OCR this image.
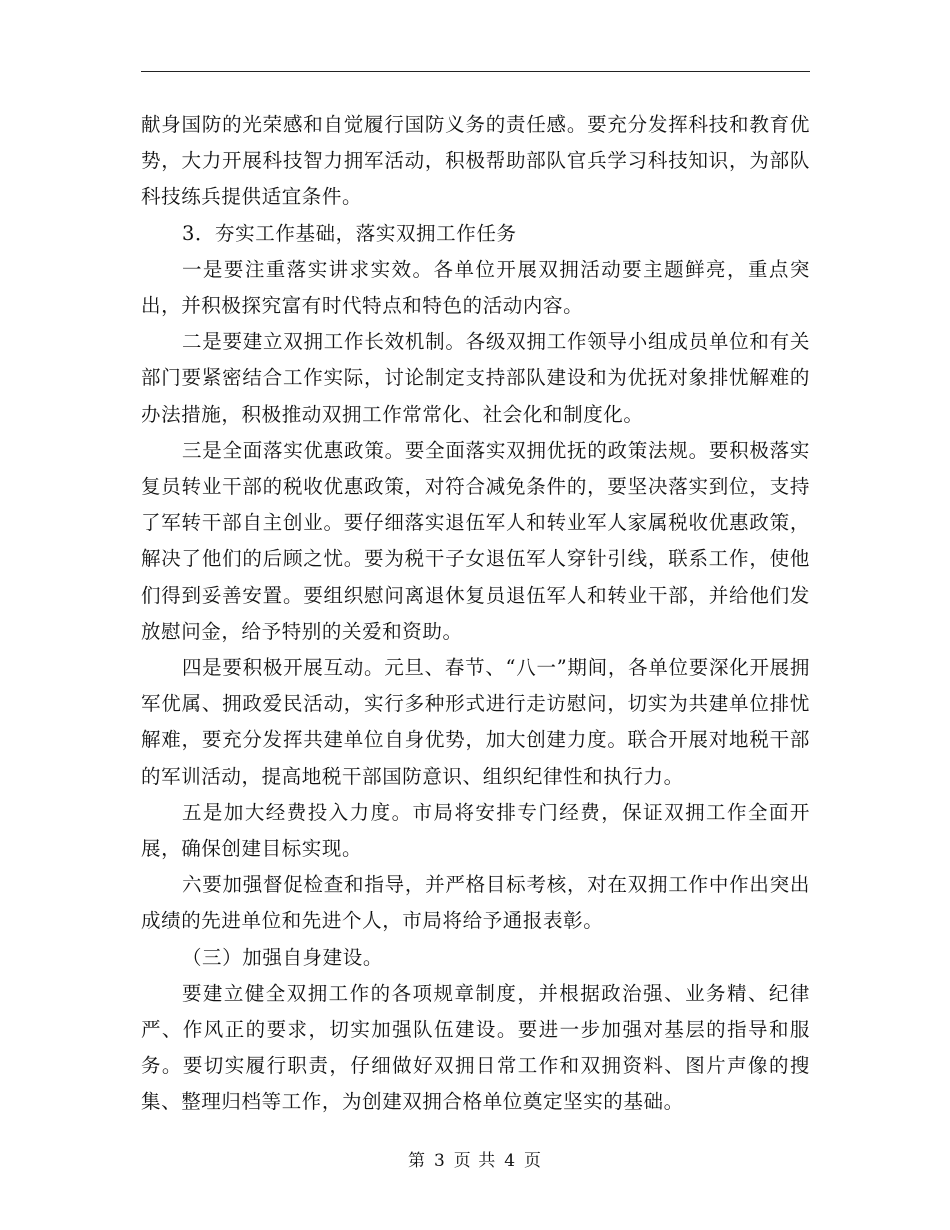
献身国防的光荣感和自觉履行国防义务的责任感。要充分发挥科技和教育优势，大力开展科技智力拥军活动，积极帮助部队官兵学习科技知识，为部队科技练兵提供适宜条件。

3．夯实工作基础，落实双拥工作任务

一是要注重落实讲求实效。各单位开展双拥活动要主题鲜亮，重点突出，并积极探究富有时代特点和特色的活动内容。

二是要建立双拥工作长效机制。各级双拥工作领导小组成员单位和有关部门要紧密结合工作实际，讨论制定支持部队建设和为优抚对象排忧解难的办法措施，积极推动双拥工作常常化、社会化和制度化。

三是全面落实优惠政策。要全面落实双拥优抚的政策法规。要积极落实复员转业干部的税收优惠政策，对符合减免条件的，要坚决落实到位，支持了军转干部自主创业。要仔细落实退伍军人和转业军人家属税收优惠政策，解决了他们的后顾之忧。要为税干子女退伍军人穿针引线，联系工作，使他们得到妥善安置。要组织慰问离退休复员退伍军人和转业干部，并给他们发放慰问金，给予特别的关爱和资助。

四是要积极开展互动。元旦、春节、“八一”期间，各单位要深化开展拥军优属、拥政爱民活动，实行多种形式进行走访慰问，切实为共建单位排忧解难，要充分发挥共建单位自身优势，加大创建力度。联合开展对地税干部的军训活动，提高地税干部国防意识、组织纪律性和执行力。

五是加大经费投入力度。市局将安排专门经费，保证双拥工作全面开展，确保创建目标实现。

六要加强督促检查和指导，并严格目标考核，对在双拥工作中作出突出成绩的先进单位和先进个人，市局将给予通报表彰。

（三）加强自身建设。

要建立健全双拥工作的各项规章制度，并根据政治强、业务精、纪律严、作风正的要求，切实加强队伍建设。要进一步加强对基层的指导和服务。要切实履行职责，仔细做好双拥日常工作和双拥资料、图片声像的搜集、整理归档等工作，为创建双拥合格单位奠定坚实的基础。

第 3 页 共 4 页
